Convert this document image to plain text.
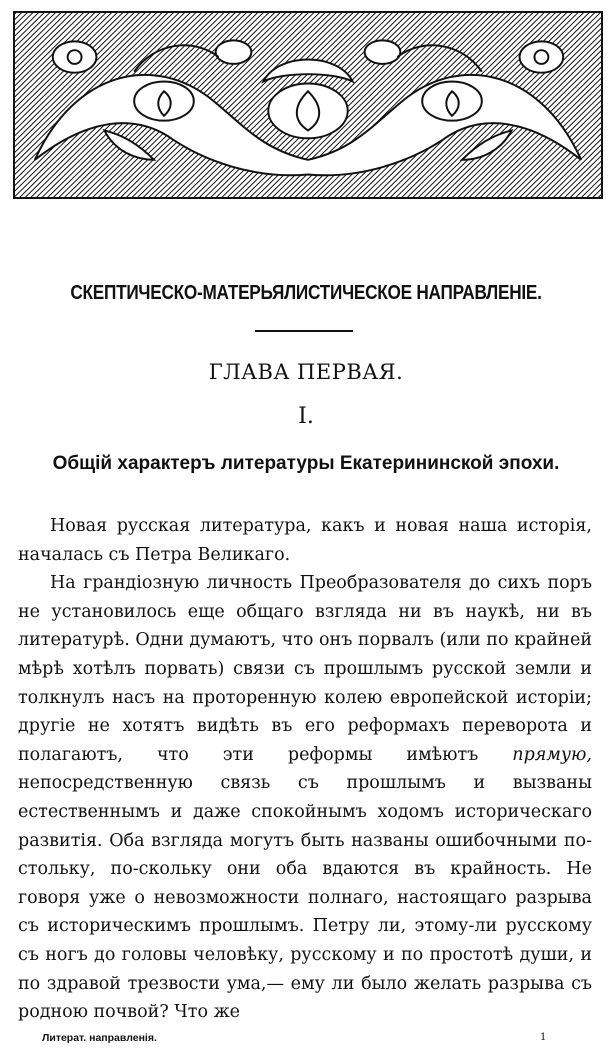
СКЕПТИЧЕСКО-МАТЕРЬЯЛИСТИЧЕСКОЕ НАПРАВЛЕНIЕ.
ГЛАВА ПЕРВАЯ.
I.
Общiй характеръ литературы Екатерининской эпохи.

Новая русская литература, какъ и новая наша исторiя, началась съ Петра Великаго.

На грандiозную личность Преобразователя до сихъ поръ не установилось еще общаго взгляда ни въ наукѣ, ни въ литературѣ. Одни думаютъ, что онъ порвалъ (или по крайней мѣрѣ хотѣлъ порвать) связи съ прошлымъ русской земли и толкнулъ насъ на проторенную колею европейской исторiи; другiе не хотятъ видѣть въ его реформахъ переворота и полагаютъ, что эти реформы имѣютъ прямую, непосредственную связь съ прошлымъ и вызваны естественнымъ и даже спокойнымъ ходомъ историческаго развитiя. Оба взгляда могутъ быть названы ошибочными по-стольку, по-скольку они оба вдаются въ крайность. Не говоря уже о невозможности полнаго, настоящаго разрыва съ историческимъ прошлымъ. Петру ли, этому-ли русскому съ ногъ до головы человѣку, русскому и по простотѣ души, и по здравой трезвости ума,— ему ли было желать разрыва съ родною почвой? Что же

Литерат. направленiя.	1
